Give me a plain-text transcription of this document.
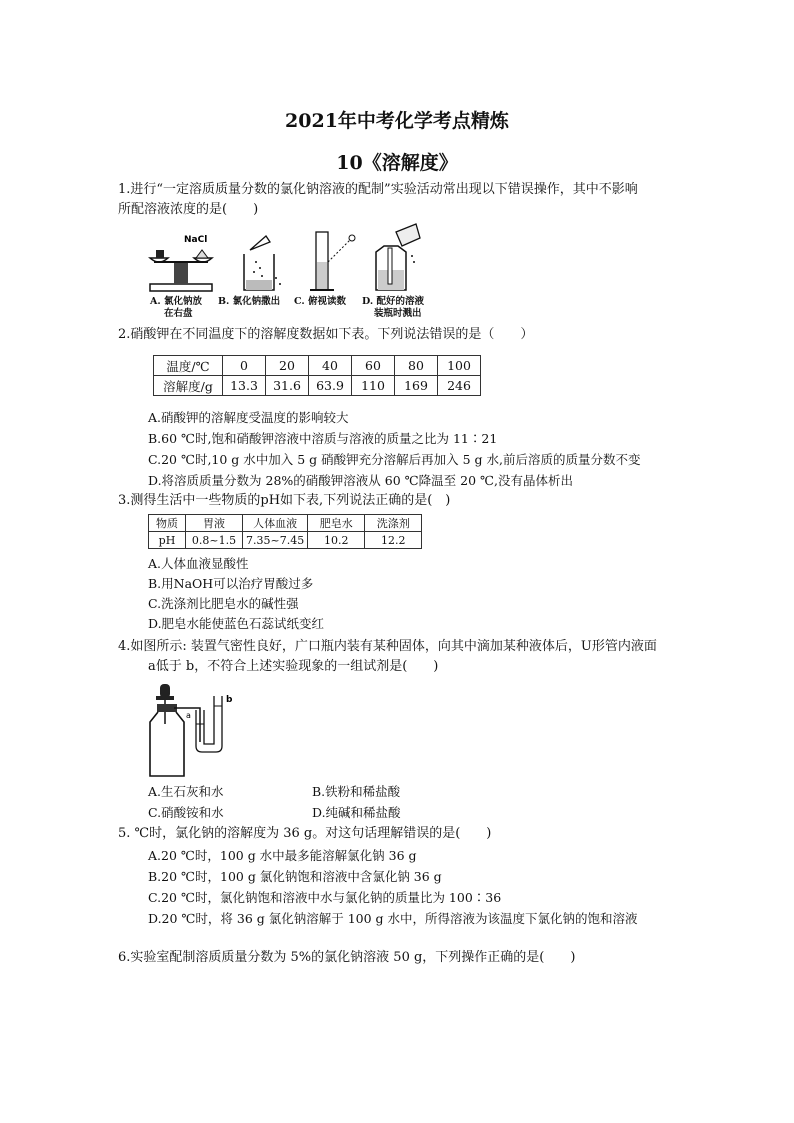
2021年中考化学考点精炼
10《溶解度》
1.进行“一定溶质质量分数的氯化钠溶液的配制”实验活动常出现以下错误操作，其中不影响
所配溶液浓度的是(　　)
NaCl
A. 氯化钠放
在右盘
B. 氯化钠撒出 C. 俯视读数 D. 配好的溶液
装瓶时溅出
2.硝酸钾在不同温度下的溶解度数据如下表。下列说法错误的是（　　）
温度/℃	0	20	40	60	80	100
溶解度/g	13.3	31.6	63.9	110	169	246
A.硝酸钾的溶解度受温度的影响较大
B.60 ℃时,饱和硝酸钾溶液中溶质与溶液的质量之比为 11∶21
C.20 ℃时,10 g 水中加入 5 g 硝酸钾充分溶解后再加入 5 g 水,前后溶质的质量分数不变
D.将溶质质量分数为 28%的硝酸钾溶液从 60 ℃降温至 20 ℃,没有晶体析出
3.测得生活中一些物质的pH如下表,下列说法正确的是(　)
物质	胃液	人体血液	肥皂水	洗涤剂
pH	0.8~1.5	7.35~7.45	10.2	12.2
A.人体血液显酸性
B.用NaOH可以治疗胃酸过多
C.洗涤剂比肥皂水的碱性强
D.肥皂水能使蓝色石蕊试纸变红
4.如图所示: 装置气密性良好，广口瓶内装有某种固体，向其中滴加某种液体后，U形管内液面
a低于 b，不符合上述实验现象的一组试剂是(　　)
a
b
A.生石灰和水	B.铁粉和稀盐酸
C.硝酸铵和水	D.纯碱和稀盐酸
5. ℃时，氯化钠的溶解度为 36 g。对这句话理解错误的是(　　)
A.20 ℃时，100 g 水中最多能溶解氯化钠 36 g
B.20 ℃时，100 g 氯化钠饱和溶液中含氯化钠 36 g
C.20 ℃时，氯化钠饱和溶液中水与氯化钠的质量比为 100∶36
D.20 ℃时，将 36 g 氯化钠溶解于 100 g 水中，所得溶液为该温度下氯化钠的饱和溶液
6.实验室配制溶质质量分数为 5%的氯化钠溶液 50 g，下列操作正确的是(　　)
